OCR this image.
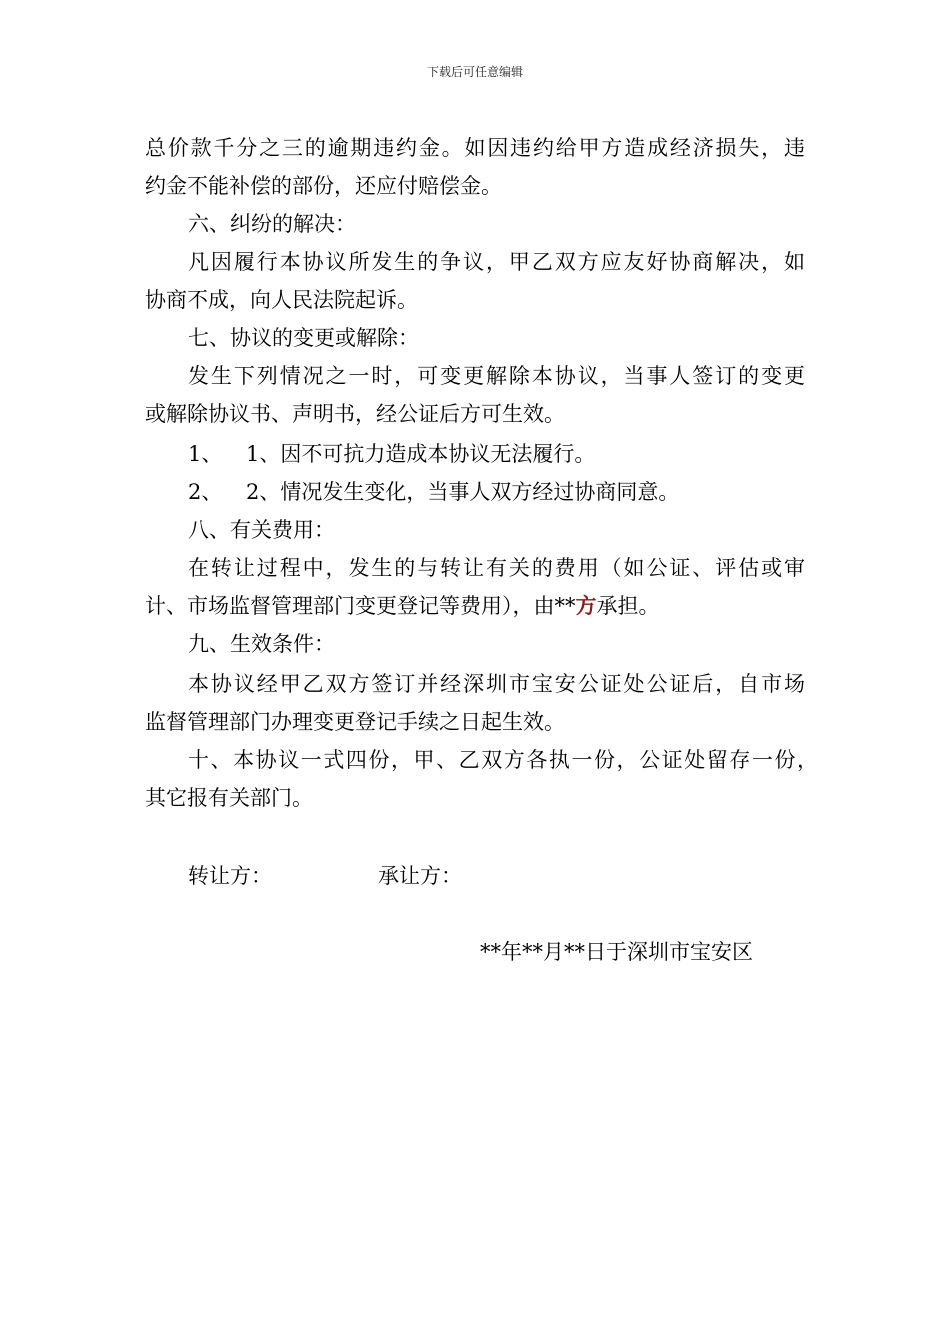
下载后可任意编辑
总价款千分之三的逾期违约金。如因违约给甲方造成经济损失，违
约金不能补偿的部份，还应付赔偿金。
六、纠纷的解决：
凡因履行本协议所发生的争议，甲乙双方应友好协商解决，如
协商不成，向人民法院起诉。
七、协议的变更或解除：
发生下列情况之一时，可变更解除本协议，当事人签订的变更
或解除协议书、声明书，经公证后方可生效。
1、 1、因不可抗力造成本协议无法履行。
2、 2、情况发生变化，当事人双方经过协商同意。
八、有关费用：
在转让过程中，发生的与转让有关的费用（如公证、评估或审
计、市场监督管理部门变更登记等费用），由**方承担。
九、生效条件：
本协议经甲乙双方签订并经深圳市宝安公证处公证后，自市场
监督管理部门办理变更登记手续之日起生效。
十、本协议一式四份，甲、乙双方各执一份，公证处留存一份，
其它报有关部门。
转让方：	承让方：
**年**月**日于深圳市宝安区
